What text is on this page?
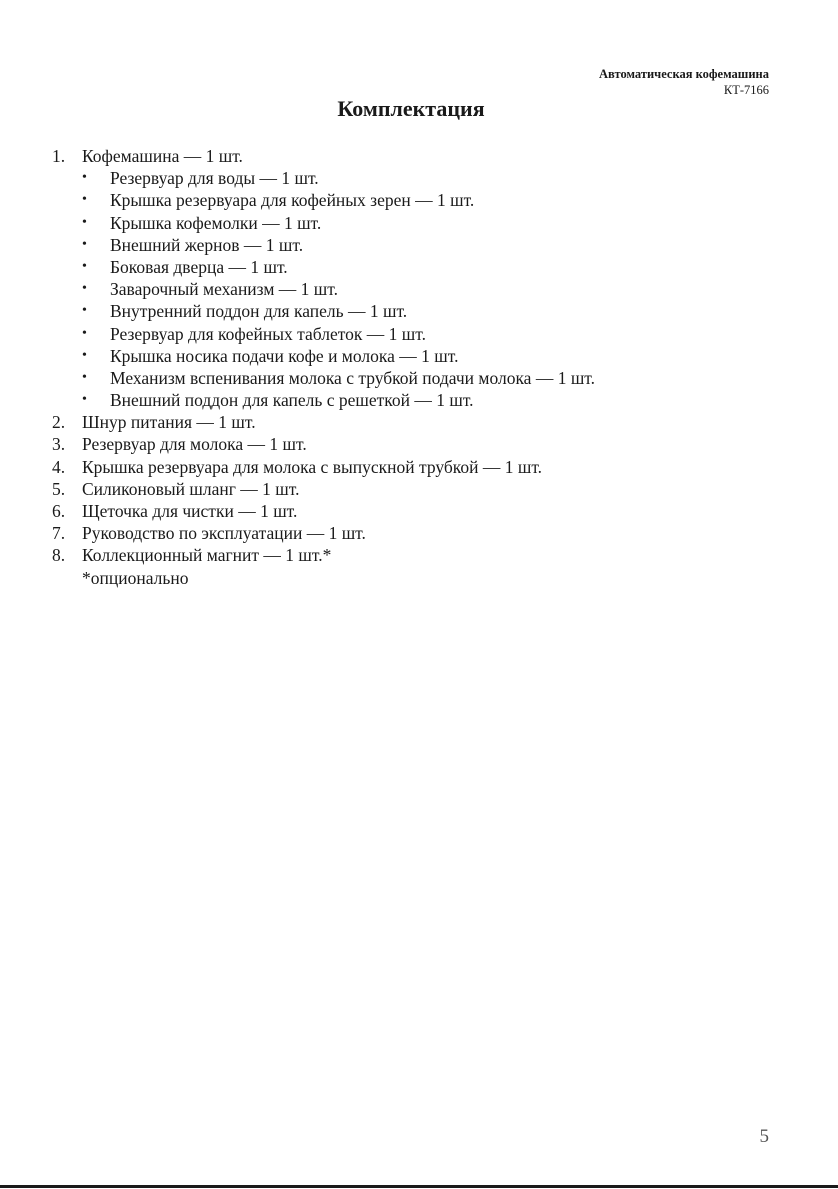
Автоматическая кофемашина
КТ-7166
Комплектация
1. Кофемашина — 1 шт.
• Резервуар для воды — 1 шт.
• Крышка резервуара для кофейных зерен — 1 шт.
• Крышка кофемолки — 1 шт.
• Внешний жернов — 1 шт.
• Боковая дверца — 1 шт.
• Заварочный механизм — 1 шт.
• Внутренний поддон для капель — 1 шт.
• Резервуар для кофейных таблеток — 1 шт.
• Крышка носика подачи кофе и молока — 1 шт.
• Механизм вспенивания молока с трубкой подачи молока — 1 шт.
• Внешний поддон для капель с решеткой — 1 шт.
2. Шнур питания — 1 шт.
3. Резервуар для молока — 1 шт.
4. Крышка резервуара для молока с выпускной трубкой — 1 шт.
5. Силиконовый шланг — 1 шт.
6. Щеточка для чистки — 1 шт.
7. Руководство по эксплуатации — 1 шт.
8. Коллекционный магнит — 1 шт.*
*опционально
5
